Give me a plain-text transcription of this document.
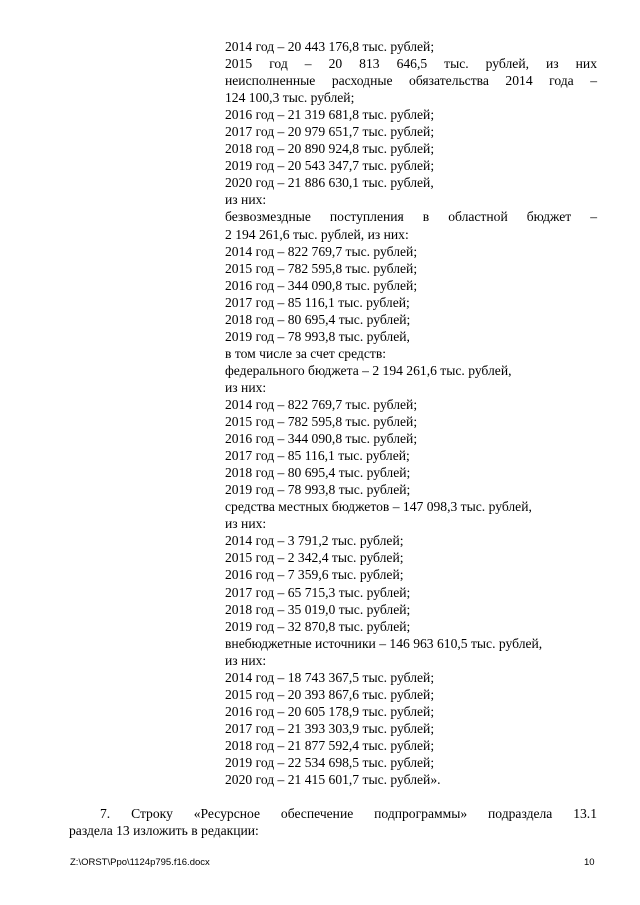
2014 год – 20 443 176,8 тыс. рублей;
2015 год – 20 813 646,5 тыс. рублей, из них
неисполненные расходные обязательства 2014 года –
124 100,3 тыс. рублей;
2016 год – 21 319 681,8 тыс. рублей;
2017 год – 20 979 651,7 тыс. рублей;
2018 год – 20 890 924,8 тыс. рублей;
2019 год – 20 543 347,7 тыс. рублей;
2020 год – 21 886 630,1 тыс. рублей,
из них:
безвозмездные поступления в областной бюджет –
2 194 261,6 тыс. рублей, из них:
2014 год – 822 769,7 тыс. рублей;
2015 год – 782 595,8 тыс. рублей;
2016 год – 344 090,8 тыс. рублей;
2017 год – 85 116,1 тыс. рублей;
2018 год – 80 695,4 тыс. рублей;
2019 год – 78 993,8 тыс. рублей,
в том числе за счет средств:
федерального бюджета – 2 194 261,6 тыс. рублей,
из них:
2014 год – 822 769,7 тыс. рублей;
2015 год – 782 595,8 тыс. рублей;
2016 год – 344 090,8 тыс. рублей;
2017 год – 85 116,1 тыс. рублей;
2018 год – 80 695,4 тыс. рублей;
2019 год – 78 993,8 тыс. рублей;
средства местных бюджетов – 147 098,3 тыс. рублей,
из них:
2014 год – 3 791,2 тыс. рублей;
2015 год – 2 342,4 тыс. рублей;
2016 год – 7 359,6 тыс. рублей;
2017 год – 65 715,3 тыс. рублей;
2018 год – 35 019,0 тыс. рублей;
2019 год – 32 870,8 тыс. рублей;
внебюджетные источники – 146 963 610,5 тыс. рублей,
из них:
2014 год – 18 743 367,5 тыс. рублей;
2015 год – 20 393 867,6 тыс. рублей;
2016 год – 20 605 178,9 тыс. рублей;
2017 год – 21 393 303,9 тыс. рублей;
2018 год – 21 877 592,4 тыс. рублей;
2019 год – 22 534 698,5 тыс. рублей;
2020 год – 21 415 601,7 тыс. рублей».
7. Строку «Ресурсное обеспечение подпрограммы» подраздела 13.1
раздела 13 изложить в редакции:
Z:\ORST\Ppo\1124p795.f16.docx	10
